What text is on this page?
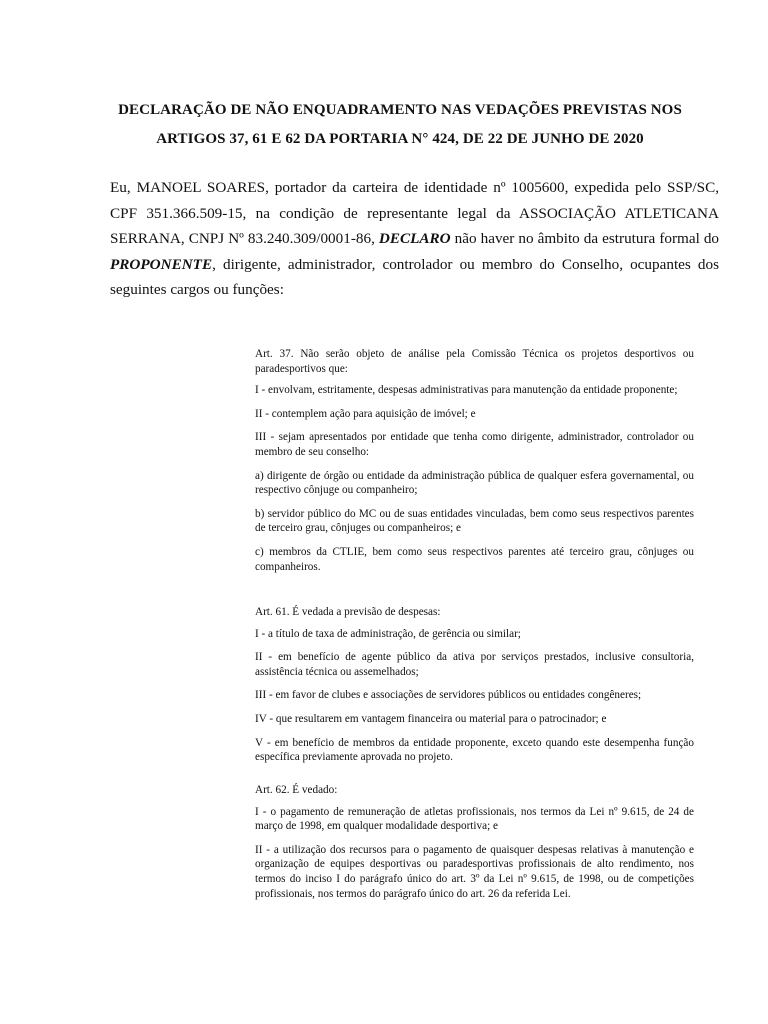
DECLARAÇÃO DE NÃO ENQUADRAMENTO NAS VEDAÇÕES PREVISTAS NOS
ARTIGOS 37, 61 E 62 DA PORTARIA N° 424, DE 22 DE JUNHO DE 2020
Eu, MANOEL SOARES, portador da carteira de identidade nº 1005600, expedida pelo SSP/SC, CPF 351.366.509-15, na condição de representante legal da ASSOCIAÇÃO ATLETICANA SERRANA, CNPJ Nº 83.240.309/0001-86, DECLARO não haver no âmbito da estrutura formal do PROPONENTE, dirigente, administrador, controlador ou membro do Conselho, ocupantes dos seguintes cargos ou funções:

Art. 37. Não serão objeto de análise pela Comissão Técnica os projetos desportivos ou paradesportivos que:

I - envolvam, estritamente, despesas administrativas para manutenção da entidade proponente;

II - contemplem ação para aquisição de imóvel; e

III - sejam apresentados por entidade que tenha como dirigente, administrador, controlador ou membro de seu conselho:

a) dirigente de órgão ou entidade da administração pública de qualquer esfera governamental, ou respectivo cônjuge ou companheiro;

b) servidor público do MC ou de suas entidades vinculadas, bem como seus respectivos parentes de terceiro grau, cônjuges ou companheiros; e

c) membros da CTLIE, bem como seus respectivos parentes até terceiro grau, cônjuges ou companheiros.

Art. 61. É vedada a previsão de despesas:

I - a título de taxa de administração, de gerência ou similar;

II - em benefício de agente público da ativa por serviços prestados, inclusive consultoria, assistência técnica ou assemelhados;

III - em favor de clubes e associações de servidores públicos ou entidades congêneres;

IV - que resultarem em vantagem financeira ou material para o patrocinador; e

V - em benefício de membros da entidade proponente, exceto quando este desempenha função específica previamente aprovada no projeto.

Art. 62. É vedado:

I - o pagamento de remuneração de atletas profissionais, nos termos da Lei nº 9.615, de 24 de março de 1998, em qualquer modalidade desportiva; e

II - a utilização dos recursos para o pagamento de quaisquer despesas relativas à manutenção e organização de equipes desportivas ou paradesportivas profissionais de alto rendimento, nos termos do inciso I do parágrafo único do art. 3º da Lei nº 9.615, de 1998, ou de competições profissionais, nos termos do parágrafo único do art. 26 da referida Lei.
